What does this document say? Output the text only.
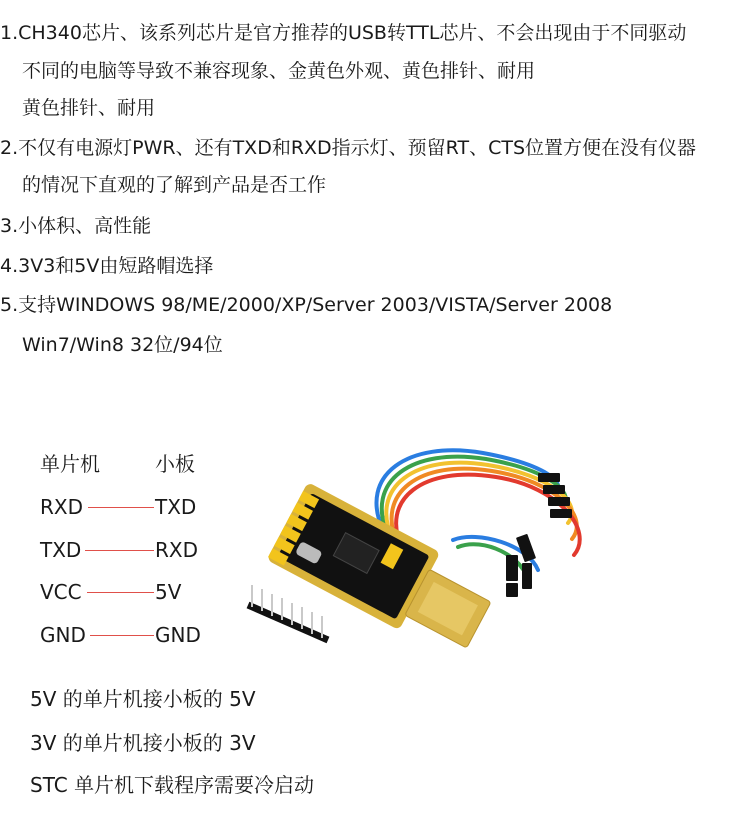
1.CH340芯片、该系列芯片是官方推荐的USB转TTL芯片、不会出现由于不同驱动
不同的电脑等导致不兼容现象、金黄色外观、黄色排针、耐用
黄色排针、耐用
2.不仅有电源灯PWR、还有TXD和RXD指示灯、预留RT、CTS位置方便在没有仪器
的情况下直观的了解到产品是否工作
3.小体积、高性能
4.3V3和5V由短路帽选择
5.支持WINDOWS 98/ME/2000/XP/Server 2003/VISTA/Server 2008
Win7/Win8 32位/94位
单片机	小板
RXD	TXD
TXD	RXD
VCC	5V
GND	GND
5V 的单片机接小板的 5V
3V 的单片机接小板的 3V
STC 单片机下载程序需要冷启动
